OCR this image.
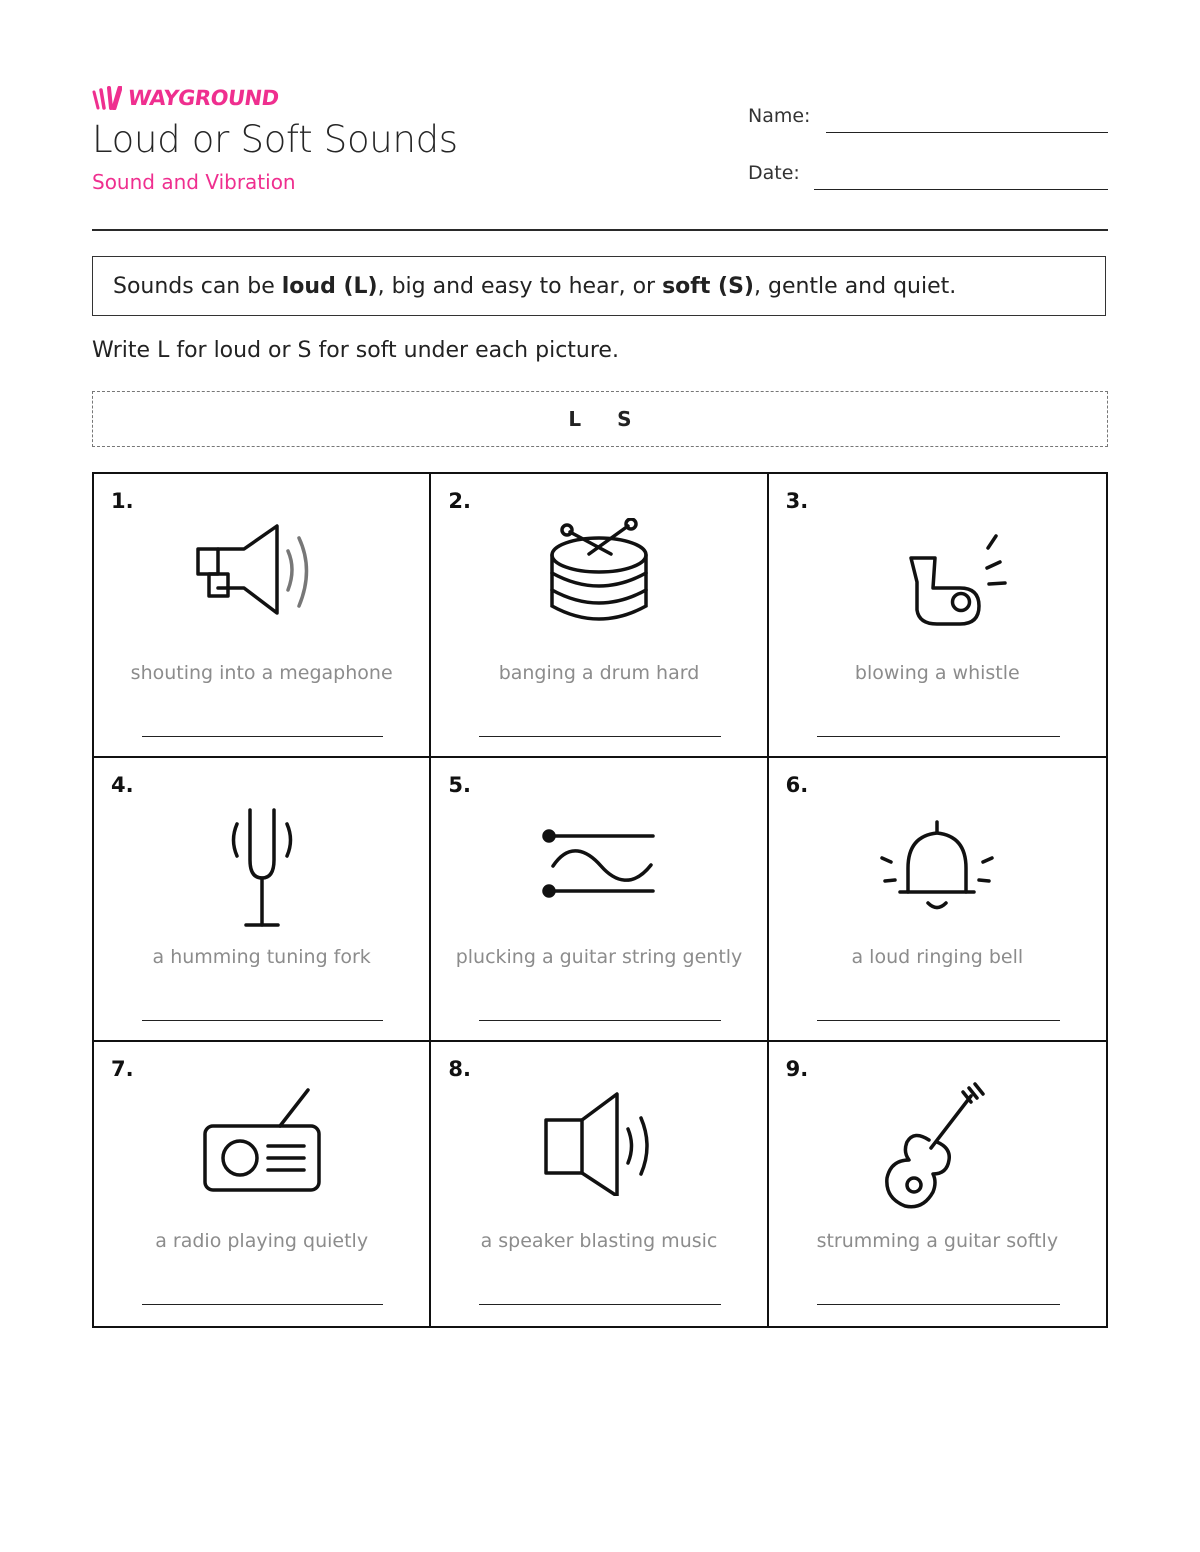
WAYGROUND
Loud or Soft Sounds
Sound and Vibration
Name:
Date:
Sounds can be loud (L), big and easy to hear, or soft (S), gentle and quiet.
Write L for loud or S for soft under each picture.
L S
1.
shouting into a megaphone
2.
banging a drum hard
3.
blowing a whistle
4.
a humming tuning fork
5.
plucking a guitar string gently
6.
a loud ringing bell
7.
a radio playing quietly
8.
a speaker blasting music
9.
strumming a guitar softly
